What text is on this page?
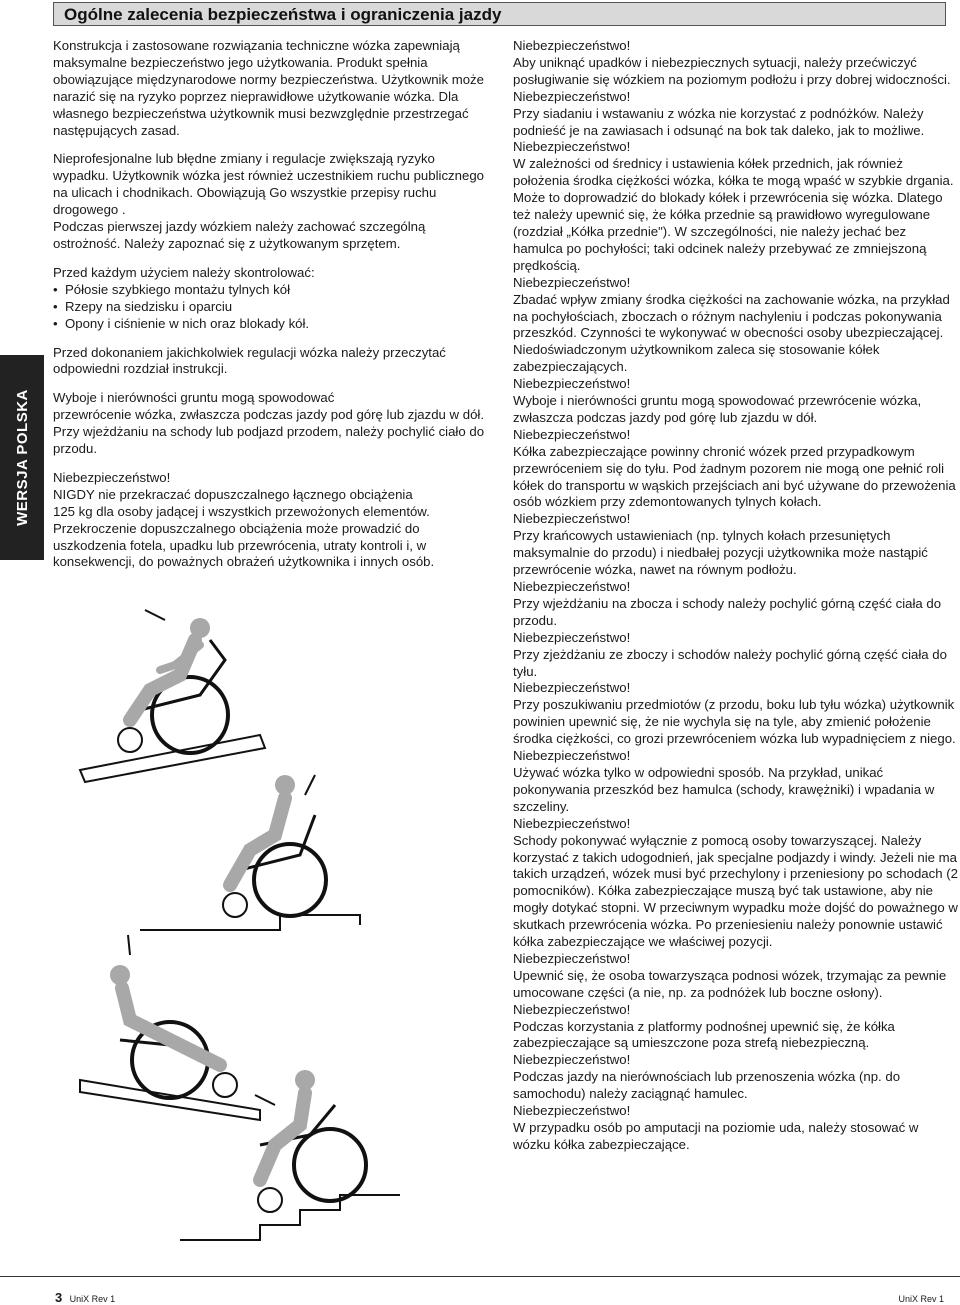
Ogólne zalecenia bezpieczeństwa i ograniczenia jazdy
WERSJA POLSKA

Konstrukcja i zastosowane rozwiązania techniczne wózka zapewniają maksymalne bezpieczeństwo jego użytkowania. Produkt spełnia obowiązujące międzynarodowe normy bezpieczeństwa. Użytkownik może narazić się na ryzyko poprzez nieprawidłowe użytkowanie wózka. Dla własnego bezpieczeństwa użytkownik musi bezwzględnie przestrzegać następujących zasad.

Nieprofesjonalne lub błędne zmiany i regulacje zwiększają ryzyko wypadku. Użytkownik wózka jest również uczestnikiem ruchu publicznego na ulicach i chodnikach. Obowiązują Go wszystkie przepisy ruchu drogowego .

Podczas pierwszej jazdy wózkiem należy zachować szczególną ostrożność. Należy zapoznać się z użytkowanym sprzętem.

Przed każdym użyciem należy skontrolować:

• Półosie szybkiego montażu tylnych kół
• Rzepy na siedzisku i oparciu
• Opony i ciśnienie w nich oraz blokady kół.

Przed dokonaniem jakichkolwiek regulacji wózka należy przeczytać odpowiedni rozdział instrukcji.

Wyboje i nierówności gruntu mogą spowodować

przewrócenie wózka, zwłaszcza podczas jazdy pod górę lub zjazdu w dół. Przy wjeżdżaniu na schody lub podjazd przodem, należy pochylić ciało do przodu.

Niebezpieczeństwo!

NIGDY nie przekraczać dopuszczalnego łącznego obciążenia

125 kg dla osoby jadącej i wszystkich przewożonych elementów.

Przekroczenie dopuszczalnego obciążenia może prowadzić do uszkodzenia fotela, upadku lub przewrócenia, utraty kontroli i, w konsekwencji, do poważnych obrażeń użytkownika i innych osób.

Niebezpieczeństwo!

Aby uniknąć upadków i niebezpiecznych sytuacji, należy przećwiczyć posługiwanie się wózkiem na poziomym podłożu i przy dobrej widoczności.

Niebezpieczeństwo!

Przy siadaniu i wstawaniu z wózka nie korzystać z podnóżków. Należy podnieść je na zawiasach i odsunąć na bok tak daleko, jak to możliwe.

Niebezpieczeństwo!

W zależności od średnicy i ustawienia kółek przednich, jak również położenia środka ciężkości wózka, kółka te mogą wpaść w szybkie drgania. Może to doprowadzić do blokady kółek i przewrócenia się wózka. Dlatego też należy upewnić się, że kółka przednie są prawidłowo wyregulowane (rozdział „Kółka przednie"). W szczególności, nie należy jechać bez hamulca po pochyłości; taki odcinek należy przebywać ze zmniejszoną prędkością.

Niebezpieczeństwo!

Zbadać wpływ zmiany środka ciężkości na zachowanie wózka, na przykład na pochyłościach, zboczach o różnym nachyleniu i podczas pokonywania przeszkód. Czynności te wykonywać w obecności osoby ubezpieczającej. Niedoświadczonym użytkownikom zaleca się stosowanie kółek zabezpieczających.

Niebezpieczeństwo!

Wyboje i nierówności gruntu mogą spowodować przewrócenie wózka, zwłaszcza podczas jazdy pod górę lub zjazdu w dół.

Niebezpieczeństwo!

Kółka zabezpieczające powinny chronić wózek przed przypadkowym przewróceniem się do tyłu. Pod żadnym pozorem nie mogą one pełnić roli kółek do transportu w wąskich przejściach ani być używane do przewożenia osób wózkiem przy zdemontowanych tylnych kołach.

Niebezpieczeństwo!

Przy krańcowych ustawieniach (np. tylnych kołach przesuniętych maksymalnie do przodu) i niedbałej pozycji użytkownika może nastąpić przewrócenie wózka, nawet na równym podłożu.

Niebezpieczeństwo!

Przy wjeżdżaniu na zbocza i schody należy pochylić górną część ciała do przodu.

Niebezpieczeństwo!

Przy zjeżdżaniu ze zboczy i schodów należy pochylić górną część ciała do tyłu.

Niebezpieczeństwo!

Przy poszukiwaniu przedmiotów (z przodu, boku lub tyłu wózka) użytkownik powinien upewnić się, że nie wychyla się na tyle, aby zmienić położenie środka ciężkości, co grozi przewróceniem wózka lub wypadnięciem z niego.

Niebezpieczeństwo!

Używać wózka tylko w odpowiedni sposób. Na przykład, unikać pokonywania przeszkód bez hamulca (schody, krawężniki) i wpadania w szczeliny.

Niebezpieczeństwo!

Schody pokonywać wyłącznie z pomocą osoby towarzyszącej. Należy korzystać z takich udogodnień, jak specjalne podjazdy i windy. Jeżeli nie ma takich urządzeń, wózek musi być przechylony i przeniesiony po schodach (2 pomocników). Kółka zabezpieczające muszą być tak ustawione, aby nie mogły dotykać stopni. W przeciwnym wypadku może dojść do poważnego w skutkach przewrócenia wózka. Po przeniesieniu należy ponownie ustawić kółka zabezpieczające we właściwej pozycji.

Niebezpieczeństwo!

Upewnić się, że osoba towarzysząca podnosi wózek, trzymając za pewnie umocowane części (a nie, np. za podnóżek lub boczne osłony).

Niebezpieczeństwo!

Podczas korzystania z platformy podnośnej upewnić się, że kółka zabezpieczające są umieszczone poza strefą niebezpieczną.

Niebezpieczeństwo!

Podczas jazdy na nierównościach lub przenoszenia wózka (np. do samochodu) należy zaciągnąć hamulec.

Niebezpieczeństwo!

W przypadku osób po amputacji na poziomie uda, należy stosować w wózku kółka zabezpieczające.

3 UniX Rev 1	UniX Rev 1
